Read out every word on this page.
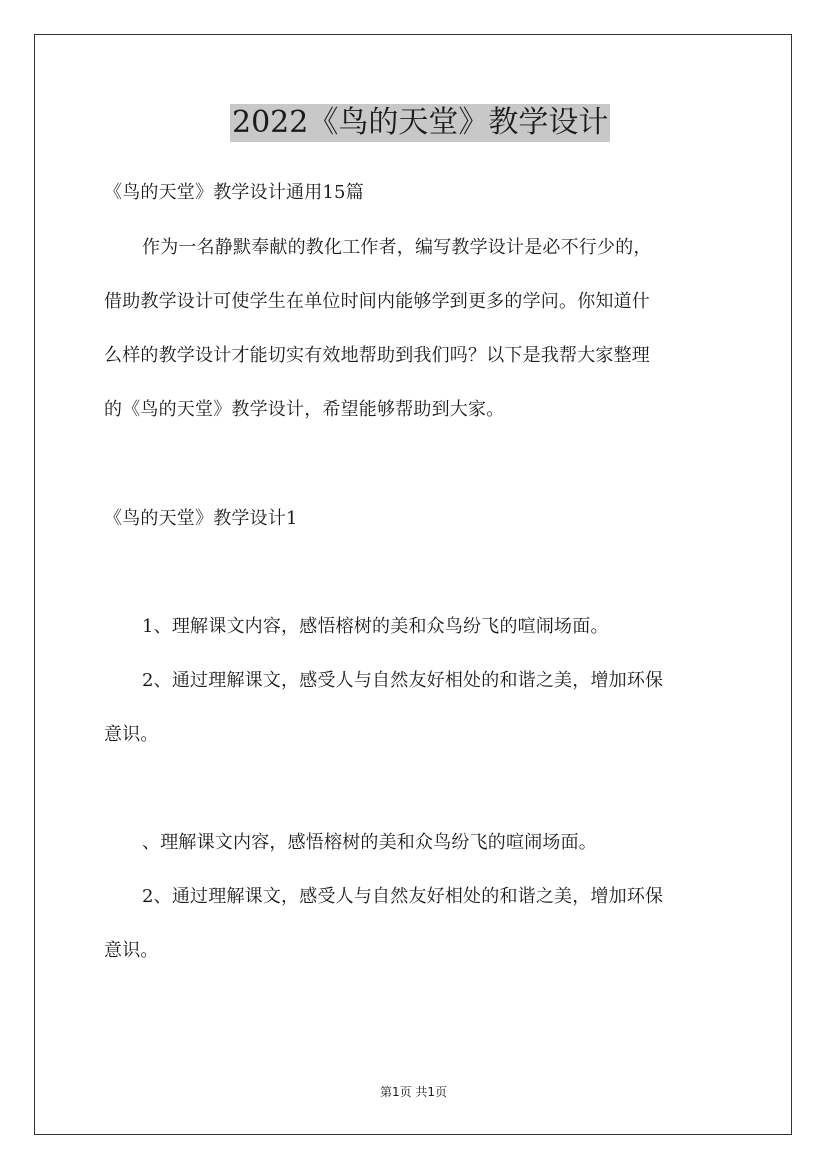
2022《鸟的天堂》教学设计
《鸟的天堂》教学设计通用15篇
作为一名静默奉献的教化工作者，编写教学设计是必不行少的，
借助教学设计可使学生在单位时间内能够学到更多的学问。你知道什
么样的教学设计才能切实有效地帮助到我们吗？以下是我帮大家整理
的《鸟的天堂》教学设计，希望能够帮助到大家。
《鸟的天堂》教学设计1
1、理解课文内容，感悟榕树的美和众鸟纷飞的喧闹场面。
2、通过理解课文，感受人与自然友好相处的和谐之美，增加环保
意识。
、理解课文内容，感悟榕树的美和众鸟纷飞的喧闹场面。
2、通过理解课文，感受人与自然友好相处的和谐之美，增加环保
意识。
第1页 共1页
